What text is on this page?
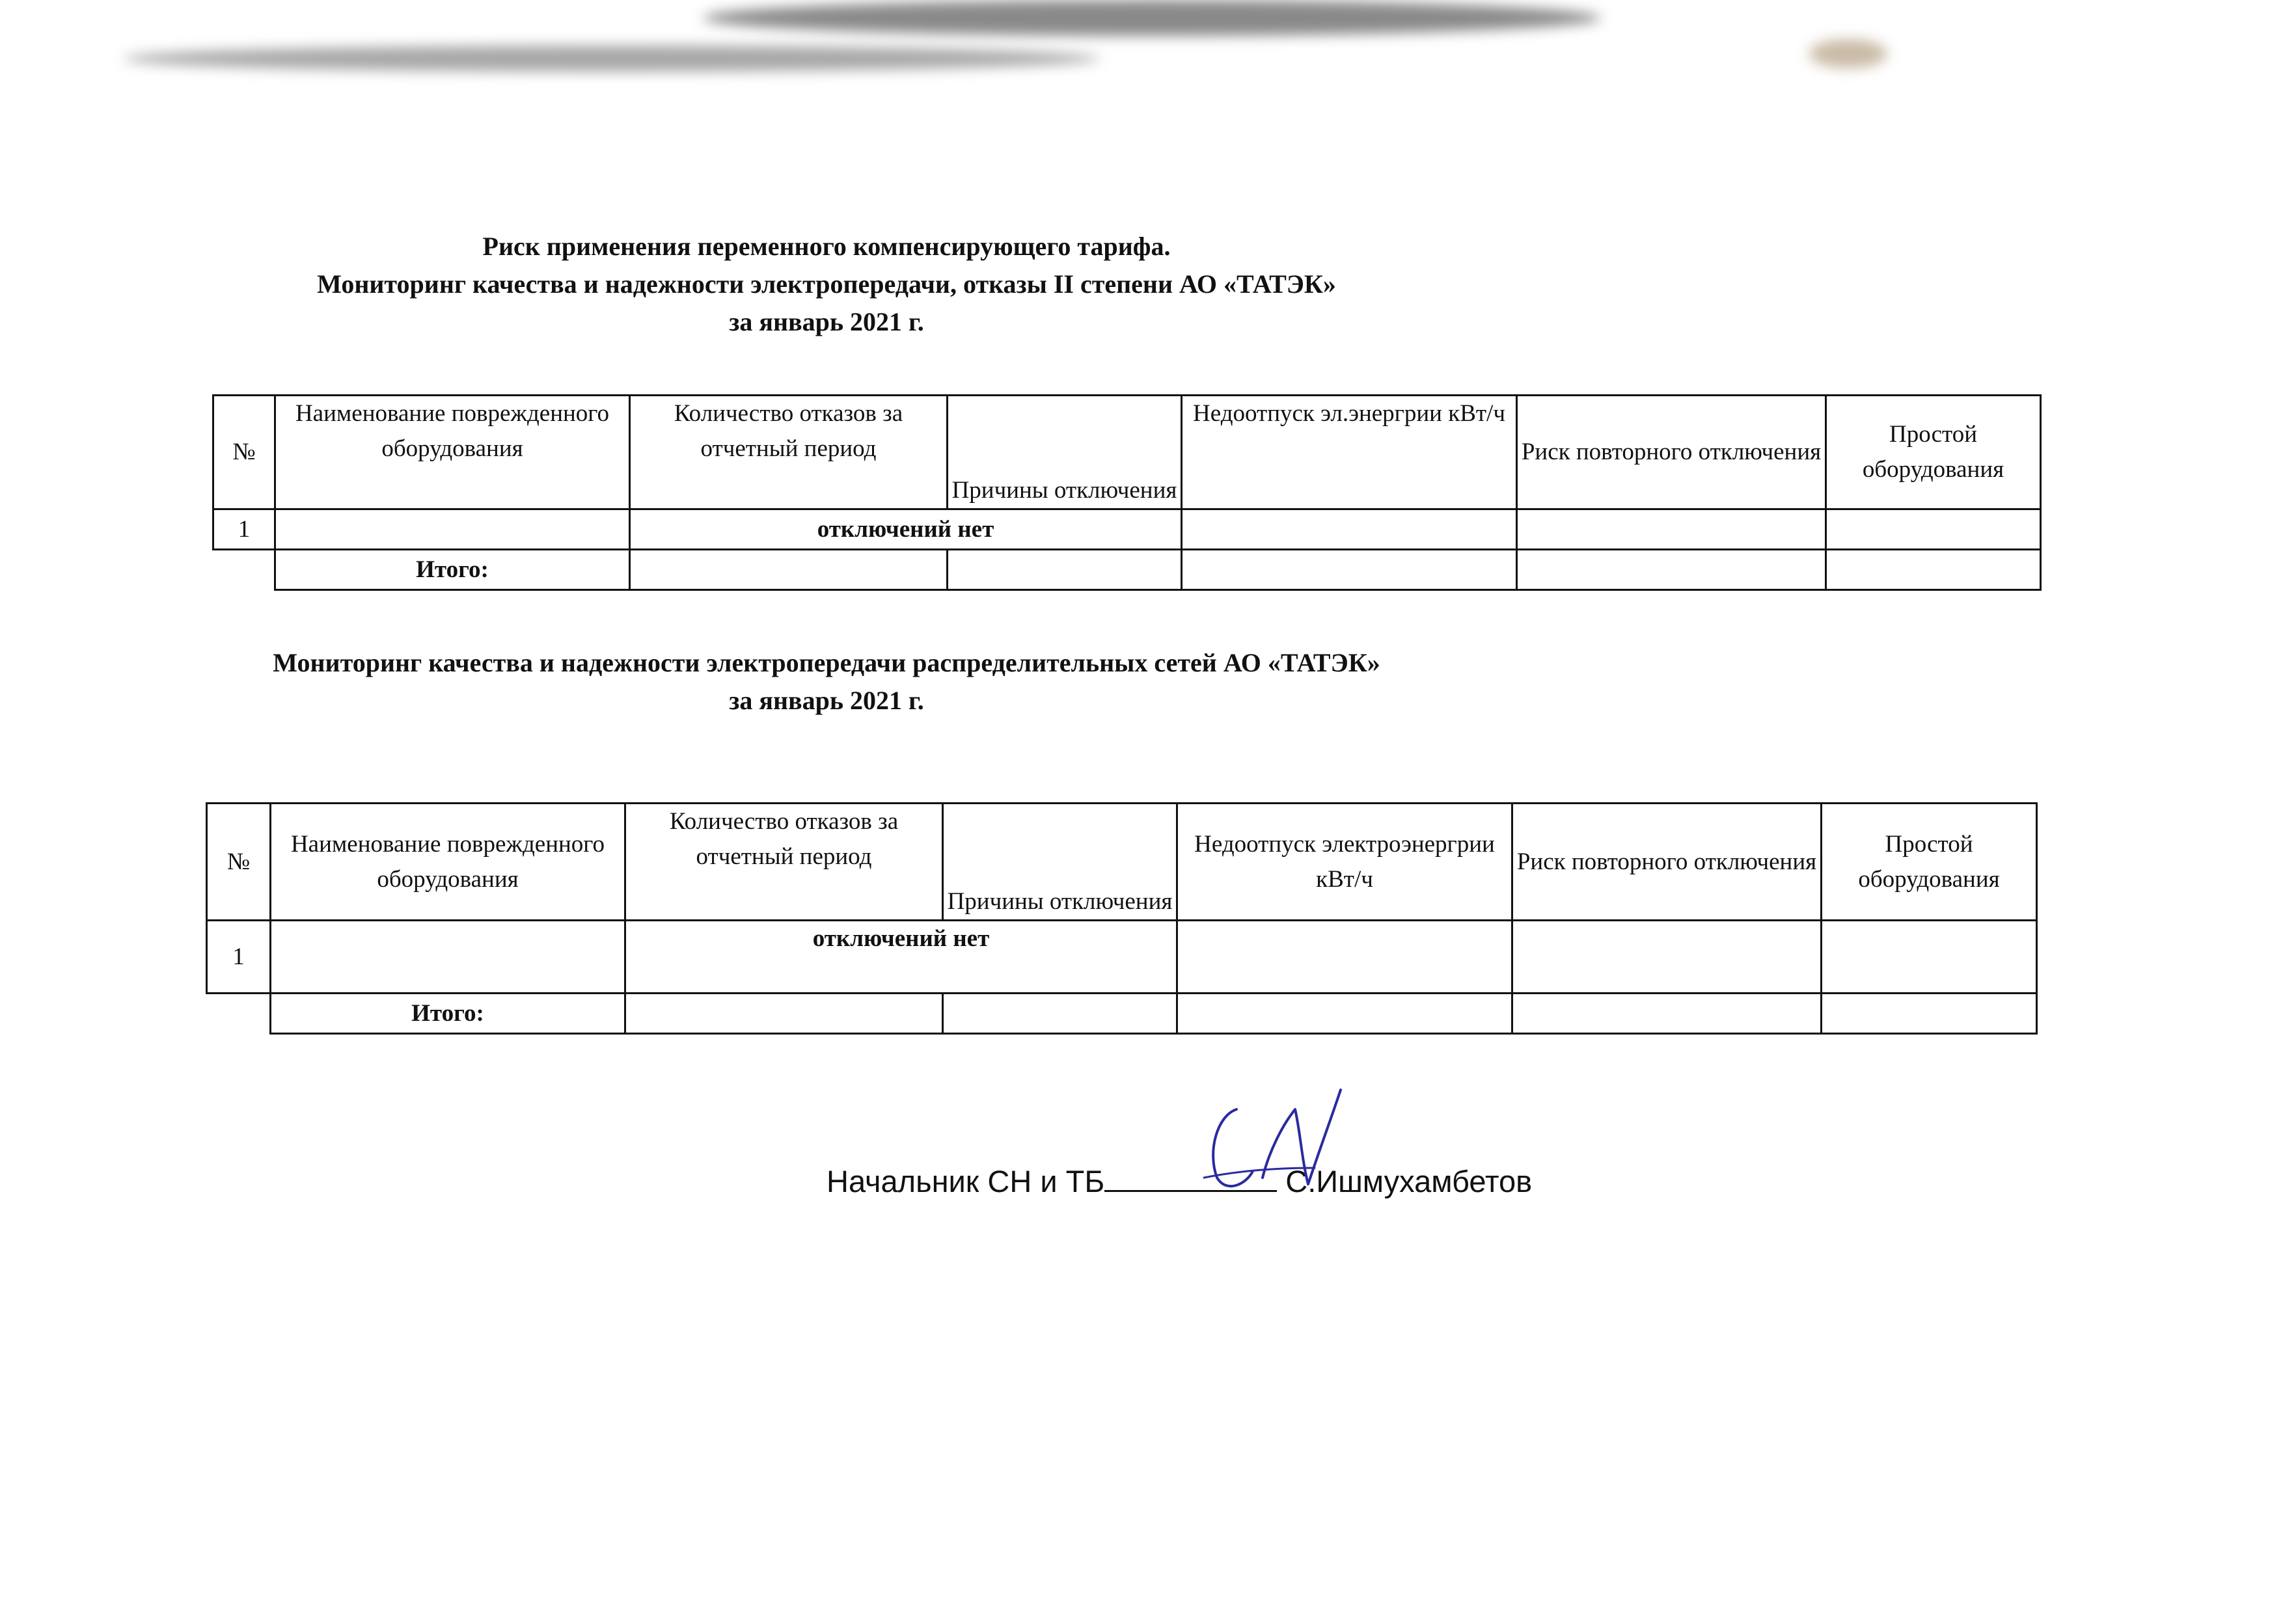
Риск применения переменного компенсирующего тарифа.
Мониторинг качества и надежности электропередачи, отказы II степени АО «ТАТЭК»
за январь 2021 г.
№	Наименование поврежденного оборудования	Количество отказов за отчетный период	Причины отключения	Недоотпуск эл.энергрии кВт/ч	Риск повторного отключения	Простой оборудования
1		отключений нет				
	Итого:					
Мониторинг качества и надежности электропередачи распределительных сетей АО «ТАТЭК»
за январь 2021 г.
№	Наименование поврежденного оборудования	Количество отказов за отчетный период	Причины отключения	Недоотпуск электроэнергрии кВт/ч	Риск повторного отключения	Простой оборудования
1		отключений нет				
	Итого:					
Начальник СН и ТБ	С.Ишмухамбетов
